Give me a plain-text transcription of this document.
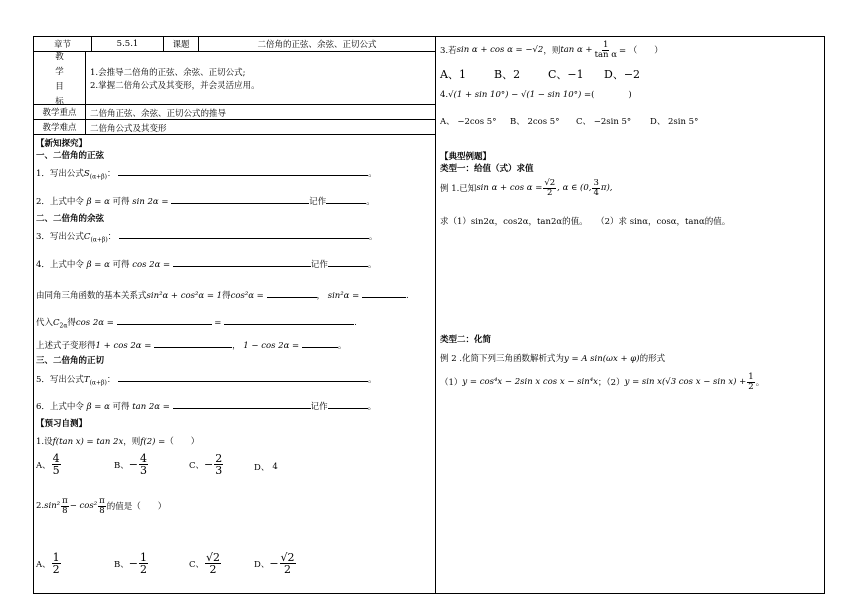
章节	5.5.1	课题	二倍角的正弦、余弦、正切公式
教
学
目
标
1.会推导二倍角的正弦、余弦、正切公式;
2.掌握二倍角公式及其变形，并会灵活应用。
教学重点	二倍角正弦、余弦、正切公式的推导
教学难点	二倍角公式及其变形
【新知探究】
一、二倍角的正弦
1．写出公式$S_{(\alpha+\beta)}$：	。
2．上式中令 β = α 可得 sin 2α =	记作	。
二、二倍角的余弦
3．写出公式$C_{(\alpha+\beta)}$：	。
4．上式中令 β = α 可得 cos 2α =	记作	。
由同角三角函数的基本关系式sin²α + cos²α = 1得cos²α =	， sin²α =	.
代入$C_{2\alpha}$得cos 2α =	=	.
上述式子变形得1 + cos 2α =	， 1 − cos 2α =	。
三、二倍角的正切
5．写出公式$T_{(\alpha+\beta)}$：	。
6．上式中令 β = α 可得 tan 2α =	记作	。
【预习自测】
1.设f(tan x) = tan 2x，则f(2) =（　　）
A、 $\frac{4}{5}$	B、 − $\frac{4}{3}$	C、 − $\frac{2}{3}$	D、 4
2. $\sin^2 \frac{\pi}{8} - \cos^2 \frac{\pi}{8}$ 的值是（　　）
A、 $\frac{1}{2}$	B、 − $\frac{1}{2}$	C、 $\frac{√2}{2}$	D、 − $\frac{√2}{2}$
3.若 sin α + cos α = −√2 ，则 $\tan \alpha + \frac{1}{\text{tan α}}$ = （　　）
A、1	B、2	C、−1 D、−2
4.√(1 + sin 10°) − √(1 − sin 10°) =(　　　　)
A、 −2cos 5° B、 2cos 5° C、 −2sin 5° D、 2sin 5°
【典型例题】
类型一：给值（式）求值
例 1.已知 $\sin \alpha + \cos \alpha = \frac{√2}{2}$ , α ∈ (0, $\frac{3}{4} \pi$),
求（1）sin2α，cos2α，tan2α的值。　　（2）求 sinα，cosα，tanα的值。
类型二：化简
例 2 .化简下列三角函数解析式为y = A sin(ωx + φ)的形式
（1） y = cos⁴x − 2sin x cos x − sin⁴x ；（2） y = sin x(√3 $\cos x - \sin x) + \frac{1}{2}$ 。
